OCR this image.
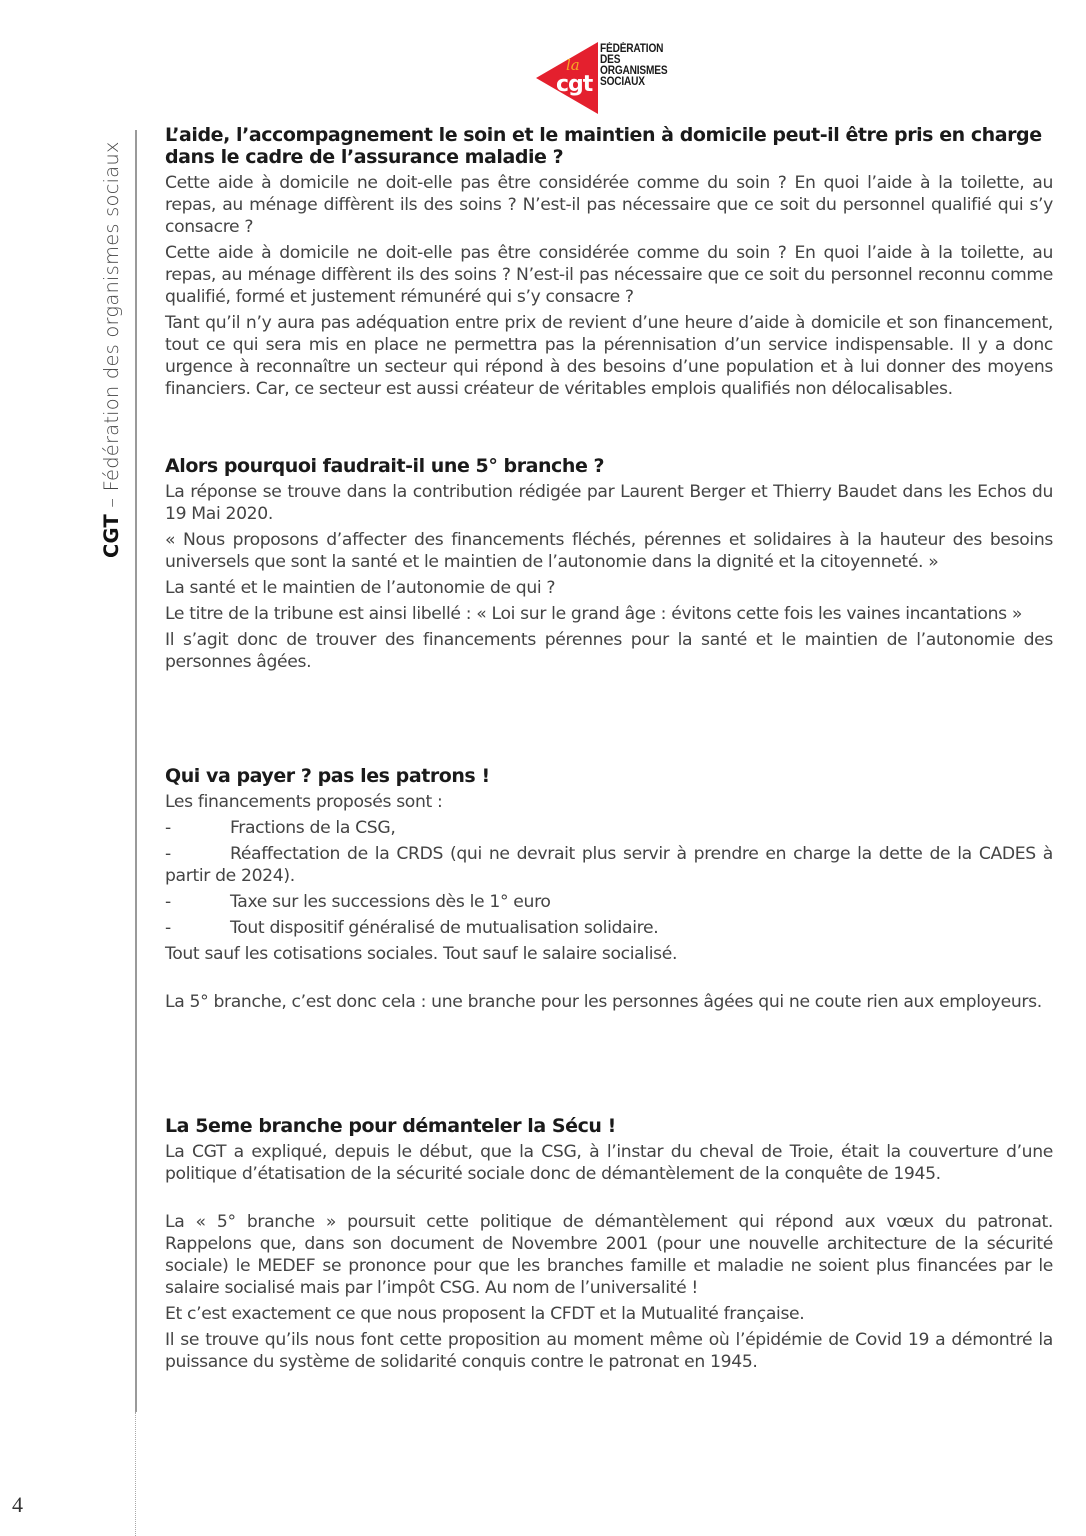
la
cgt
FÉDÉRATION
DES
ORGANISMES
SOCIAUX
CGT – Fédération des organismes sociaux
4
L’aide, l’accompagnement le soin et le maintien à domicile peut-il être pris en charge dans le cadre de l’assurance maladie ?

Cette aide à domicile ne doit-elle pas être considérée comme du soin ? En quoi l’aide à la toilette, au repas, au ménage diffèrent ils des soins ? N’est-il pas nécessaire que ce soit du personnel qualifié qui s’y consacre ?

Cette aide à domicile ne doit-elle pas être considérée comme du soin ? En quoi l’aide à la toilette, au repas, au ménage diffèrent ils des soins ? N’est-il pas nécessaire que ce soit du personnel reconnu comme qualifié, formé et justement rémunéré qui s’y consacre ?

Tant qu’il n’y aura pas adéquation entre prix de revient d’une heure d’aide à domicile et son financement, tout ce qui sera mis en place ne permettra pas la pérennisation d’un service indispensable. Il y a donc urgence à reconnaître un secteur qui répond à des besoins d’une population et à lui donner des moyens financiers. Car, ce secteur est aussi créateur de véritables emplois qualifiés non délocalisables.

Alors pourquoi faudrait-il une 5° branche ?

La réponse se trouve dans la contribution rédigée par Laurent Berger et Thierry Baudet dans les Echos du 19 Mai 2020.

« Nous proposons d’affecter des financements fléchés, pérennes et solidaires à la hauteur des besoins universels que sont la santé et le maintien de l’autonomie dans la dignité et la citoyenneté. »

La santé et le maintien de l’autonomie de qui ?

Le titre de la tribune est ainsi libellé : « Loi sur le grand âge : évitons cette fois les vaines incantations »

Il s’agit donc de trouver des financements pérennes pour la santé et le maintien de l’autonomie des personnes âgées.

Qui va payer ? pas les patrons !

Les financements proposés sont :

-	Fractions de la CSG,
-	Réaffectation de la CRDS (qui ne devrait plus servir à prendre en charge la dette de la CADES à partir de 2024).
-	Taxe sur les successions dès le 1° euro
-	Tout dispositif généralisé de mutualisation solidaire.

Tout sauf les cotisations sociales. Tout sauf le salaire socialisé.

La 5° branche, c’est donc cela : une branche pour les personnes âgées qui ne coute rien aux employeurs.

La 5eme branche pour démanteler la Sécu !

La CGT a expliqué, depuis le début, que la CSG, à l’instar du cheval de Troie, était la couverture d’une politique d’étatisation de la sécurité sociale donc de démantèlement de la conquête de 1945.

La « 5° branche » poursuit cette politique de démantèlement qui répond aux vœux du patronat. Rappelons que, dans son document de Novembre 2001 (pour une nouvelle architecture de la sécurité sociale) le MEDEF se prononce pour que les branches famille et maladie ne soient plus financées par le salaire socialisé mais par l’impôt CSG. Au nom de l’universalité !

Et c’est exactement ce que nous proposent la CFDT et la Mutualité française.

Il se trouve qu’ils nous font cette proposition au moment même où l’épidémie de Covid 19 a démontré la puissance du système de solidarité conquis contre le patronat en 1945.
